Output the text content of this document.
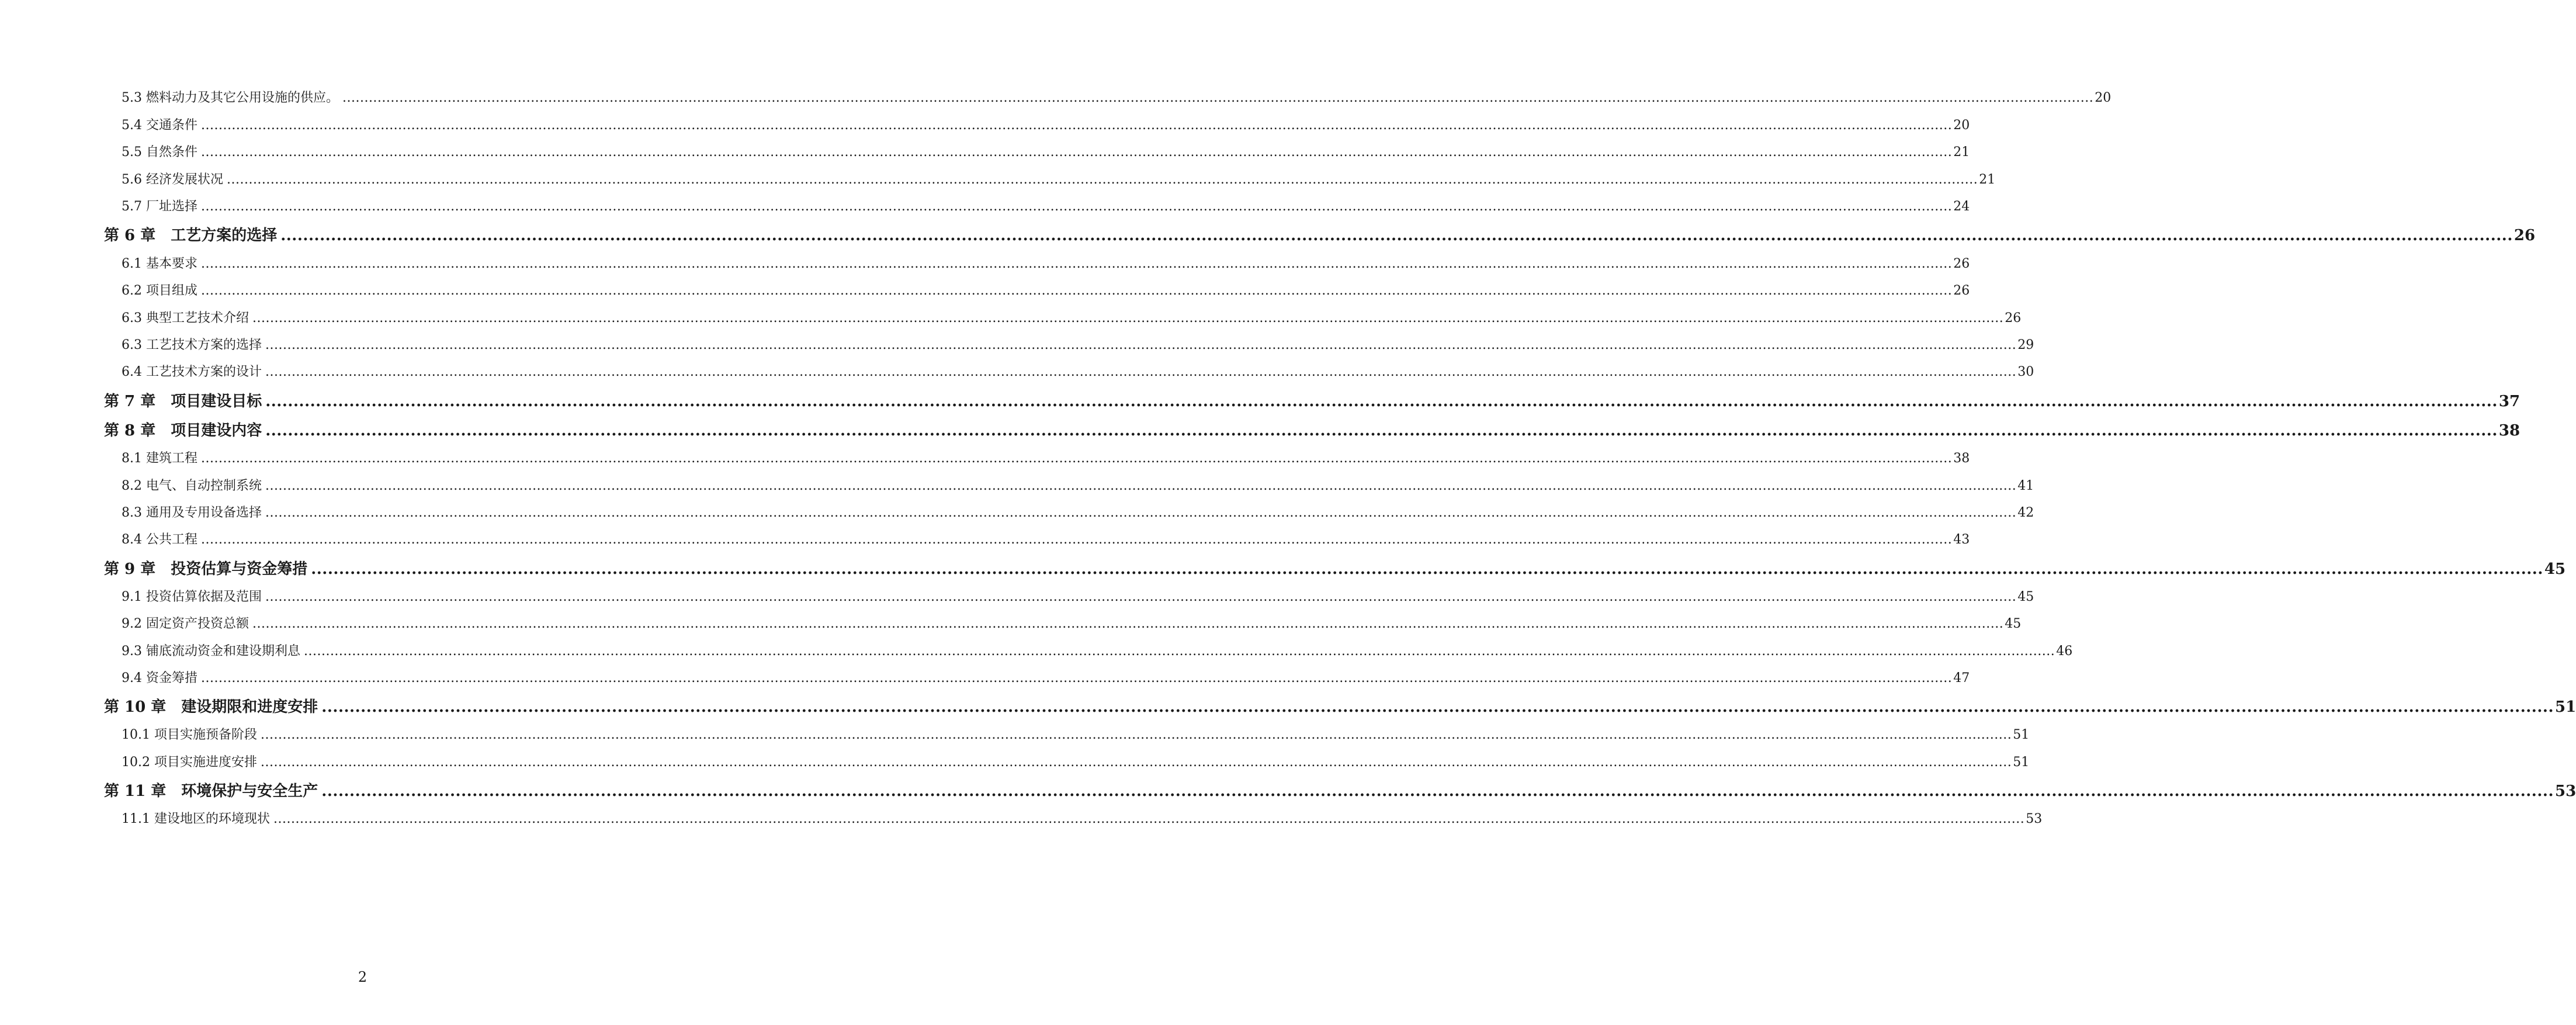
5.3 燃料动力及其它公用设施的供应。 ................................................................................................................................................................................................................................................................................................................................................................................................................ 20
5.4 交通条件 ................................................................................................................................................................................................................................................................................................................................................................................................................ 20
5.5 自然条件 ................................................................................................................................................................................................................................................................................................................................................................................................................ 21
5.6 经济发展状况 ................................................................................................................................................................................................................................................................................................................................................................................................................ 21
5.7 厂址选择 ................................................................................................................................................................................................................................................................................................................................................................................................................ 24
第 6 章　工艺方案的选择 ................................................................................................................................................................................................................................................................................................................................................................................................................ 26
6.1 基本要求 ................................................................................................................................................................................................................................................................................................................................................................................................................ 26
6.2 项目组成 ................................................................................................................................................................................................................................................................................................................................................................................................................ 26
6.3 典型工艺技术介绍 ................................................................................................................................................................................................................................................................................................................................................................................................................ 26
6.3 工艺技术方案的选择 ................................................................................................................................................................................................................................................................................................................................................................................................................ 29
6.4 工艺技术方案的设计 ................................................................................................................................................................................................................................................................................................................................................................................................................ 30
第 7 章　项目建设目标 ................................................................................................................................................................................................................................................................................................................................................................................................................ 37
第 8 章　项目建设内容 ................................................................................................................................................................................................................................................................................................................................................................................................................ 38
8.1 建筑工程 ................................................................................................................................................................................................................................................................................................................................................................................................................ 38
8.2 电气、自动控制系统 ................................................................................................................................................................................................................................................................................................................................................................................................................ 41
8.3 通用及专用设备选择 ................................................................................................................................................................................................................................................................................................................................................................................................................ 42
8.4 公共工程 ................................................................................................................................................................................................................................................................................................................................................................................................................ 43
第 9 章　投资估算与资金筹措 ................................................................................................................................................................................................................................................................................................................................................................................................................ 45
9.1 投资估算依据及范围 ................................................................................................................................................................................................................................................................................................................................................................................................................ 45
9.2 固定资产投资总额 ................................................................................................................................................................................................................................................................................................................................................................................................................ 45
9.3 铺底流动资金和建设期利息 ................................................................................................................................................................................................................................................................................................................................................................................................................ 46
9.4 资金筹措 ................................................................................................................................................................................................................................................................................................................................................................................................................ 47
第 10 章　建设期限和进度安排 ................................................................................................................................................................................................................................................................................................................................................................................................................ 51
10.1 项目实施预备阶段 ................................................................................................................................................................................................................................................................................................................................................................................................................ 51
10.2 项目实施进度安排 ................................................................................................................................................................................................................................................................................................................................................................................................................ 51
第 11 章　环境保护与安全生产 ................................................................................................................................................................................................................................................................................................................................................................................................................ 53
11.1 建设地区的环境现状 ................................................................................................................................................................................................................................................................................................................................................................................................................ 53
2
